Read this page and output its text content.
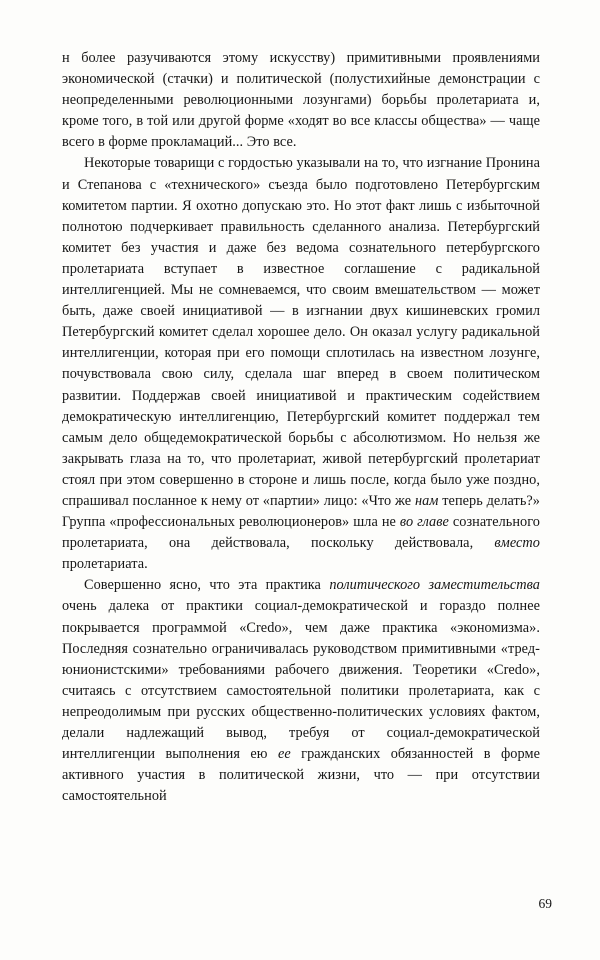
н более разучиваются этому искусству) примитивными проявлениями экономической (стачки) и политической (полустихийные демонстрации с неопределенными революционными лозунгами) борьбы пролетариата и, кроме того, в той или другой форме «ходят во все классы общества» — чаще всего в форме прокламаций... Это все.

Некоторые товарищи с гордостью указывали на то, что изгнание Пронина и Степанова с «технического» съезда было подготовлено Петербургским комитетом партии. Я охотно допускаю это. Но этот факт лишь с избыточной полнотою подчеркивает правильность сделанного анализа. Петербургский комитет без участия и даже без ведома сознательного петербургского пролетариата вступает в известное соглашение с радикальной интеллигенцией. Мы не сомневаемся, что своим вмешательством — может быть, даже своей инициативой — в изгнании двух кишиневских громил Петербургский комитет сделал хорошее дело. Он оказал услугу радикальной интеллигенции, которая при его помощи сплотилась на известном лозунге, почувствовала свою силу, сделала шаг вперед в своем политическом развитии. Поддержав своей инициативой и практическим содействием демократическую интеллигенцию, Петербургский комитет поддержал тем самым дело общедемократической борьбы с абсолютизмом. Но нельзя же закрывать глаза на то, что пролетариат, живой петербургский пролетариат стоял при этом совершенно в стороне и лишь после, когда было уже поздно, спрашивал посланное к нему от «партии» лицо: «Что же нам теперь делать?» Группа «профессиональных революционеров» шла не во главе сознательного пролетариата, она действовала, поскольку действовала, вместо пролетариата.

Совершенно ясно, что эта практика политического заместительства очень далека от практики социал-демократической и гораздо полнее покрывается программой «Credo», чем даже практика «экономизма». Последняя сознательно ограничивалась руководством примитивными «тред-юнионистскими» требованиями рабочего движения. Теоретики «Credo», считаясь с отсутствием самостоятельной политики пролетариата, как с непреодолимым при русских общественно-политических условиях фактом, делали надлежащий вывод, требуя от социал-демократической интеллигенции выполнения ею ее гражданских обязанностей в форме активного участия в политической жизни, что — при отсутствии самостоятельной

69
